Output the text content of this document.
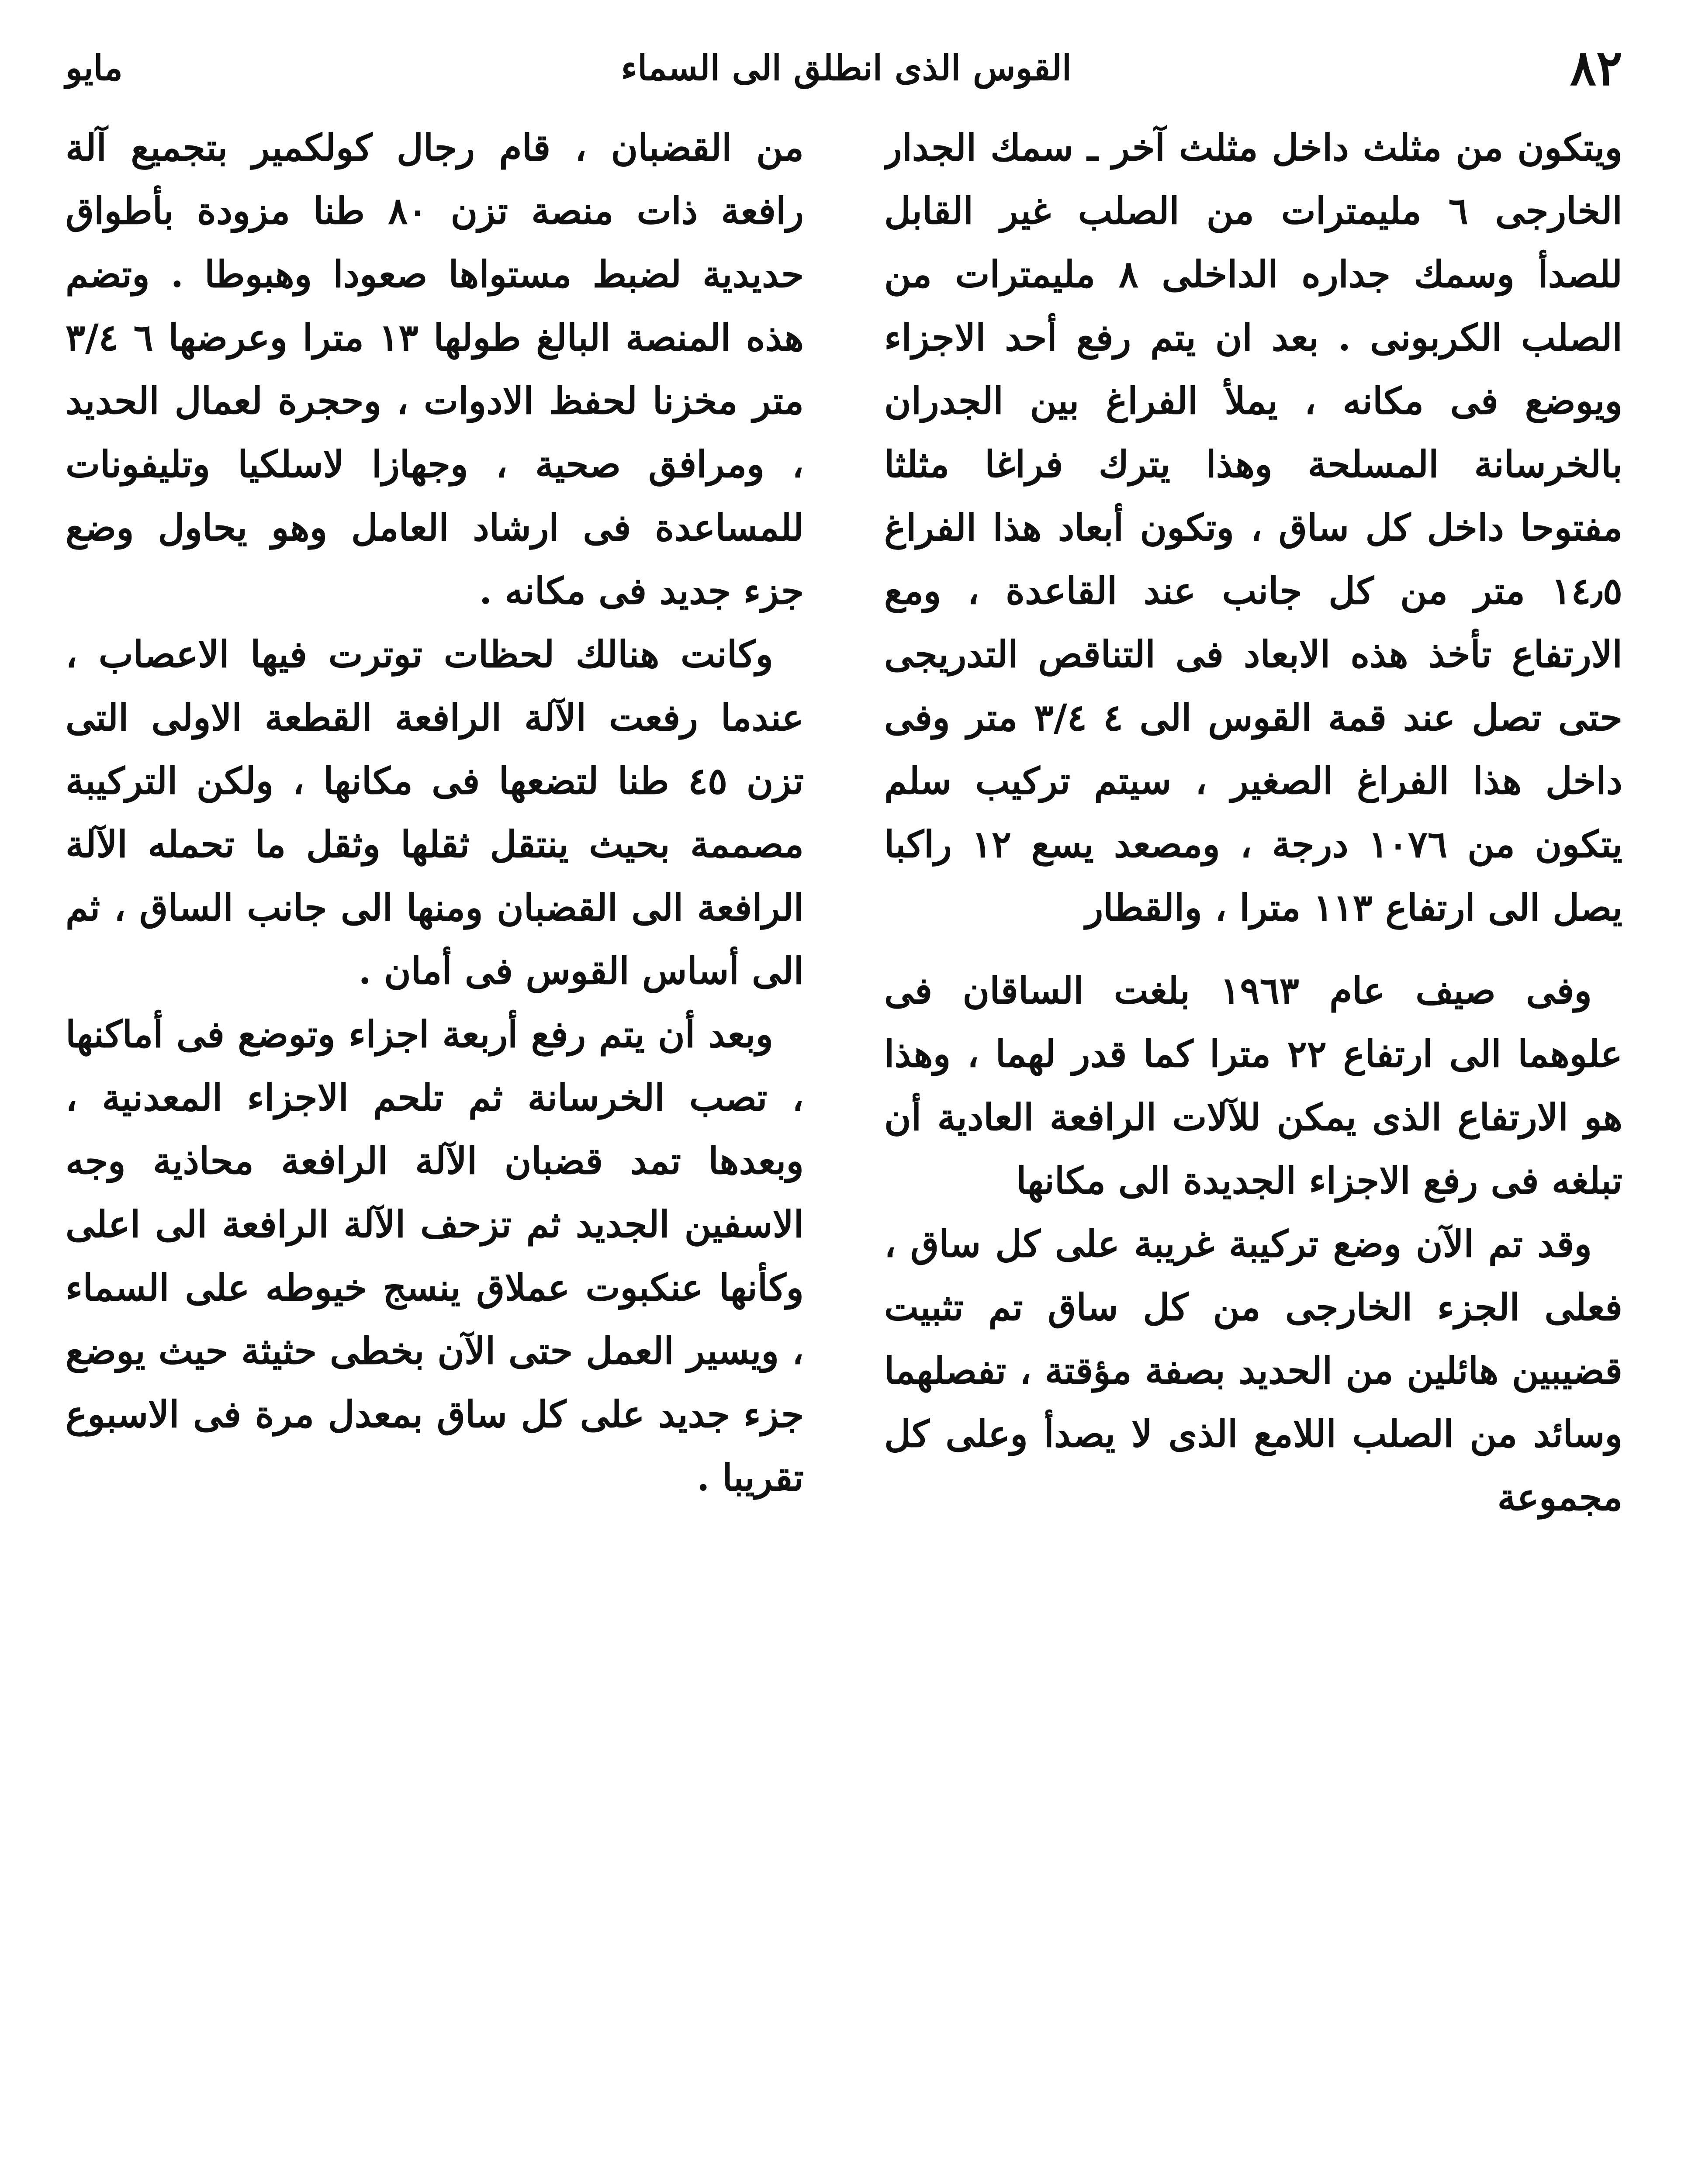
٨٢
القوس الذى انطلق الى السماء
مايو

ويتكون من مثلث داخل مثلث آخر ـ سمك الجدار الخارجى ٦ مليمترات من الصلب غير القابل للصدأ وسمك جداره الداخلى ٨ مليمترات من الصلب الكربونى . بعد ان يتم رفع أحد الاجزاء ويوضع فى مكانه ، يملأ الفراغ بين الجدران بالخرسانة المسلحة وهذا يترك فراغا مثلثا مفتوحا داخل كل ساق ، وتكون أبعاد هذا الفراغ ١٤٫٥ متر من كل جانب عند القاعدة ، ومع الارتفاع تأخذ هذه الابعاد فى التناقص التدريجى حتى تصل عند قمة القوس الى ٤ ٣/٤ متر وفى داخل هذا الفراغ الصغير ، سيتم تركيب سلم يتكون من ١٠٧٦ درجة ، ومصعد يسع ١٢ راكبا يصل الى ارتفاع ١١٣ مترا ، والقطار

وفى صيف عام ١٩٦٣ بلغت الساقان فى علوهما الى ارتفاع ٢٢ مترا كما قدر لهما ، وهذا هو الارتفاع الذى يمكن للآلات الرافعة العادية أن تبلغه فى رفع الاجزاء الجديدة الى مكانها

وقد تم الآن وضع تركيبة غريبة على كل ساق ، فعلى الجزء الخارجى من كل ساق تم تثبيت قضيبين هائلين من الحديد بصفة مؤقتة ، تفصلهما وسائد من الصلب اللامع الذى لا يصدأ وعلى كل مجموعة

من القضبان ، قام رجال كولكمير بتجميع آلة رافعة ذات منصة تزن ٨٠ طنا مزودة بأطواق حديدية لضبط مستواها صعودا وهبوطا . وتضم هذه المنصة البالغ طولها ١٣ مترا وعرضها ٦ ٣/٤ متر مخزنا لحفظ الادوات ، وحجرة لعمال الحديد ، ومرافق صحية ، وجهازا لاسلكيا وتليفونات للمساعدة فى ارشاد العامل وهو يحاول وضع جزء جديد فى مكانه .

وكانت هنالك لحظات توترت فيها الاعصاب ، عندما رفعت الآلة الرافعة القطعة الاولى التى تزن ٤٥ طنا لتضعها فى مكانها ، ولكن التركيبة مصممة بحيث ينتقل ثقلها وثقل ما تحمله الآلة الرافعة الى القضبان ومنها الى جانب الساق ، ثم الى أساس القوس فى أمان .

وبعد أن يتم رفع أربعة اجزاء وتوضع فى أماكنها ، تصب الخرسانة ثم تلحم الاجزاء المعدنية ، وبعدها تمد قضبان الآلة الرافعة محاذية وجه الاسفين الجديد ثم تزحف الآلة الرافعة الى اعلى وكأنها عنكبوت عملاق ينسج خيوطه على السماء ، ويسير العمل حتى الآن بخطى حثيثة حيث يوضع جزء جديد على كل ساق بمعدل مرة فى الاسبوع تقريبا .
